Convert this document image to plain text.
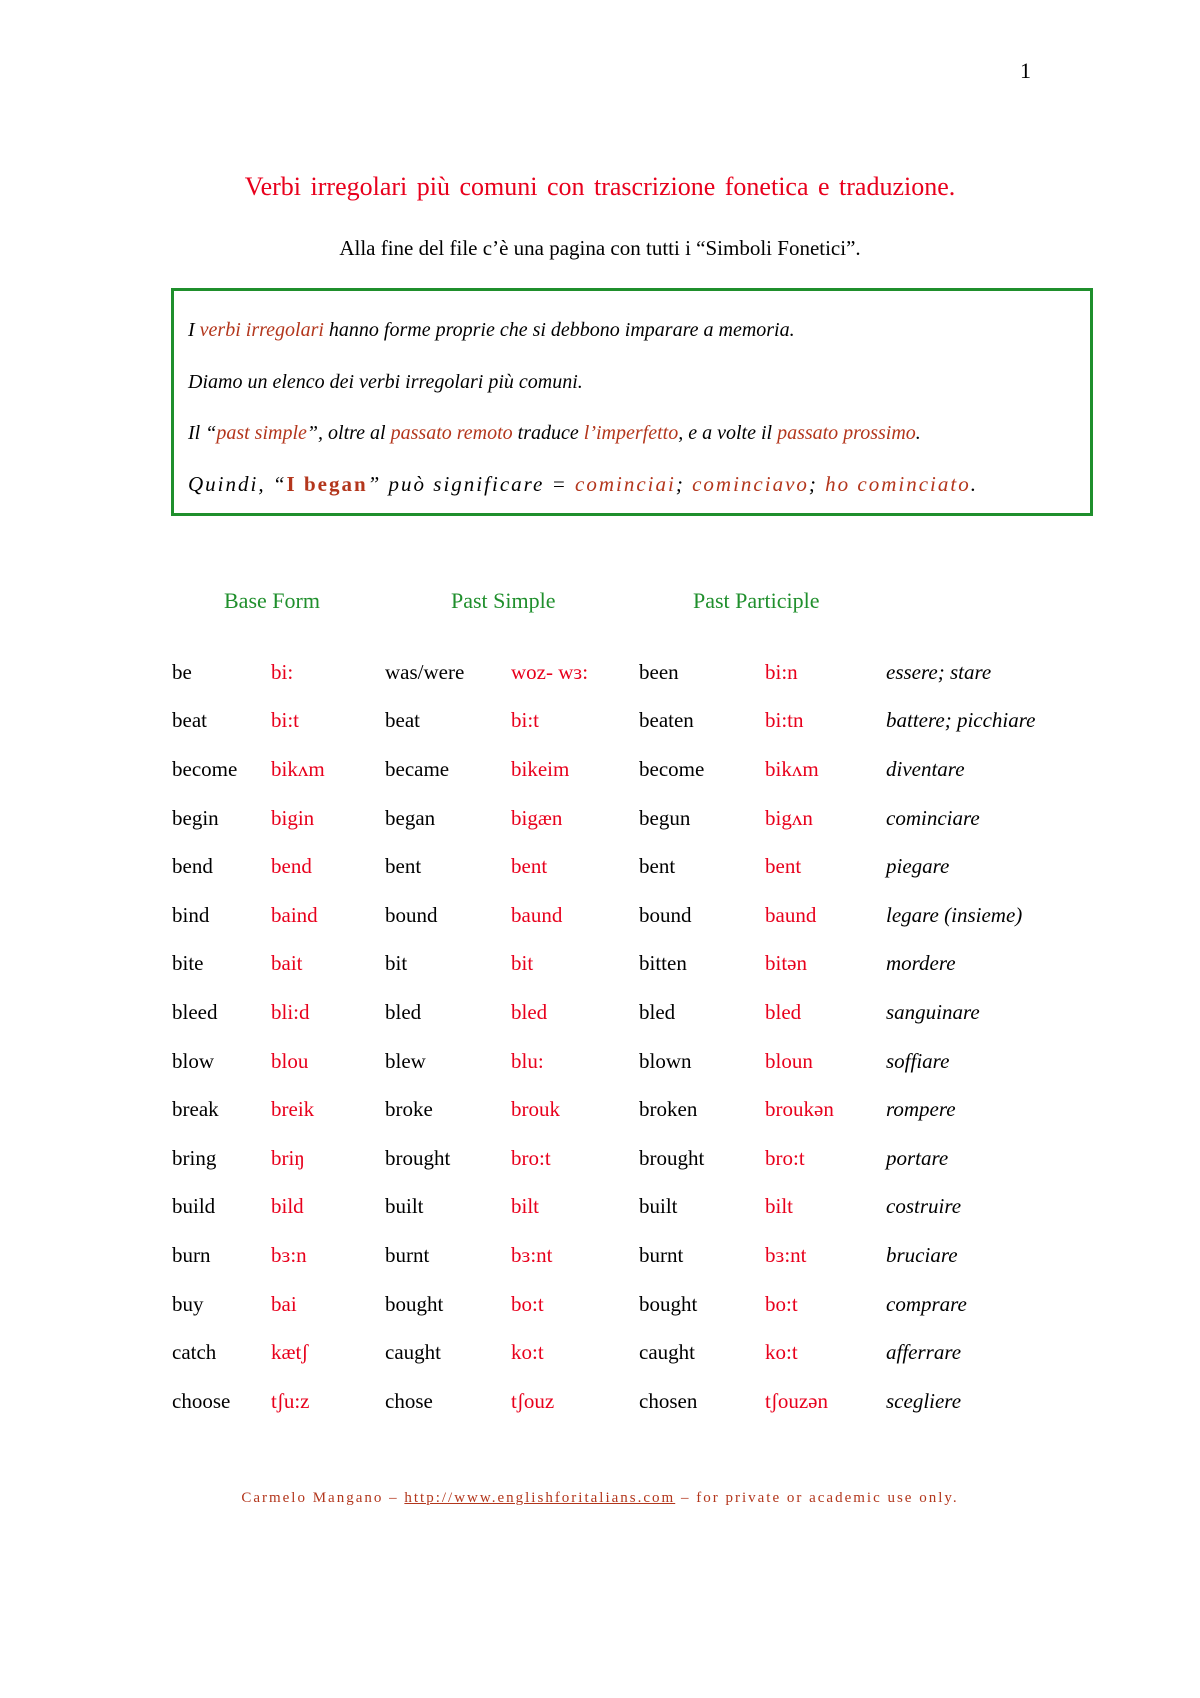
1
Verbi irregolari più comuni con trascrizione fonetica e traduzione.
Alla fine del file c’è una pagina con tutti i “Simboli Fonetici”.

I verbi irregolari hanno forme proprie che si debbono imparare a memoria.

Diamo un elenco dei verbi irregolari più comuni.

Il “past simple”, oltre al passato remoto traduce l’imperfetto, e a volte il passato prossimo.

Quindi, “I began” può significare = cominciai; cominciavo; ho cominciato.

Base Form	Past Simple	Past Participle
be	bi:	was/were	woz- wɜ:	been	bi:n	essere; stare
beat	bi:t	beat	bi:t	beaten	bi:tn	battere; picchiare
become	bikʌm	became	bikeim	become	bikʌm	diventare
begin	bigin	began	bigæn	begun	bigʌn	cominciare
bend	bend	bent	bent	bent	bent	piegare
bind	baind	bound	baund	bound	baund	legare (insieme)
bite	bait	bit	bit	bitten	bitən	mordere
bleed	bli:d	bled	bled	bled	bled	sanguinare
blow	blou	blew	blu:	blown	bloun	soffiare
break	breik	broke	brouk	broken	broukən	rompere
bring	briŋ	brought	bro:t	brought	bro:t	portare
build	bild	built	bilt	built	bilt	costruire
burn	bɜ:n	burnt	bɜ:nt	burnt	bɜ:nt	bruciare
buy	bai	bought	bo:t	bought	bo:t	comprare
catch	kætʃ	caught	ko:t	caught	ko:t	afferrare
choose	tʃu:z	chose	tʃouz	chosen	tʃouzən	scegliere
Carmelo Mangano – http://www.englishforitalians.com – for private or academic use only.
